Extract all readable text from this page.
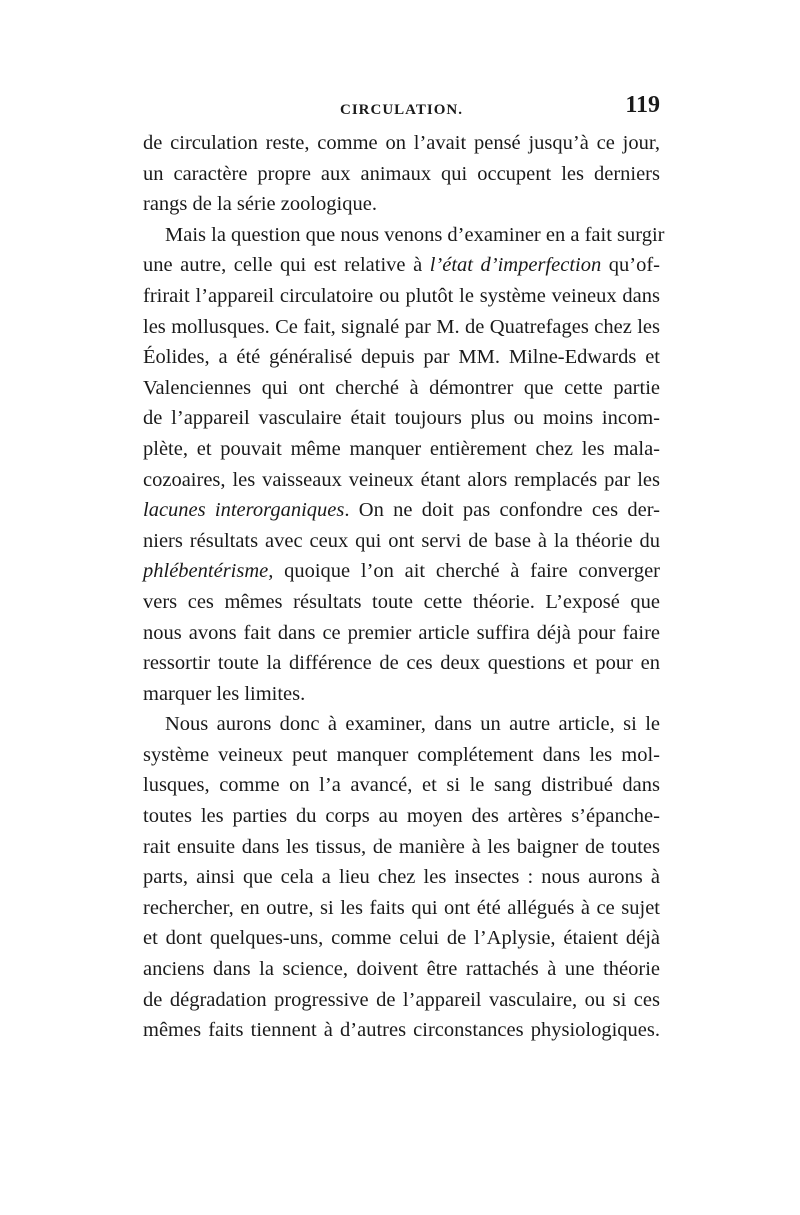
CIRCULATION.	119
de circulation reste, comme on l’avait pensé jusqu’à ce jour,
un caractère propre aux animaux qui occupent les derniers
rangs de la série zoologique.
Mais la question que nous venons d’examiner en a fait surgir
une autre, celle qui est relative à l’état d’imperfection qu’of-
frirait l’appareil circulatoire ou plutôt le système veineux dans
les mollusques. Ce fait, signalé par M. de Quatrefages chez les
Éolides, a été généralisé depuis par MM. Milne-Edwards et
Valenciennes qui ont cherché à démontrer que cette partie
de l’appareil vasculaire était toujours plus ou moins incom-
plète, et pouvait même manquer entièrement chez les mala-
cozoaires, les vaisseaux veineux étant alors remplacés par les
lacunes interorganiques. On ne doit pas confondre ces der-
niers résultats avec ceux qui ont servi de base à la théorie du
phlébentérisme, quoique l’on ait cherché à faire converger
vers ces mêmes résultats toute cette théorie. L’exposé que
nous avons fait dans ce premier article suffira déjà pour faire
ressortir toute la différence de ces deux questions et pour en
marquer les limites.
Nous aurons donc à examiner, dans un autre article, si le
système veineux peut manquer complétement dans les mol-
lusques, comme on l’a avancé, et si le sang distribué dans
toutes les parties du corps au moyen des artères s’épanche-
rait ensuite dans les tissus, de manière à les baigner de toutes
parts, ainsi que cela a lieu chez les insectes : nous aurons à
rechercher, en outre, si les faits qui ont été allégués à ce sujet
et dont quelques-uns, comme celui de l’Aplysie, étaient déjà
anciens dans la science, doivent être rattachés à une théorie
de dégradation progressive de l’appareil vasculaire, ou si ces
mêmes faits tiennent à d’autres circonstances physiologiques.
